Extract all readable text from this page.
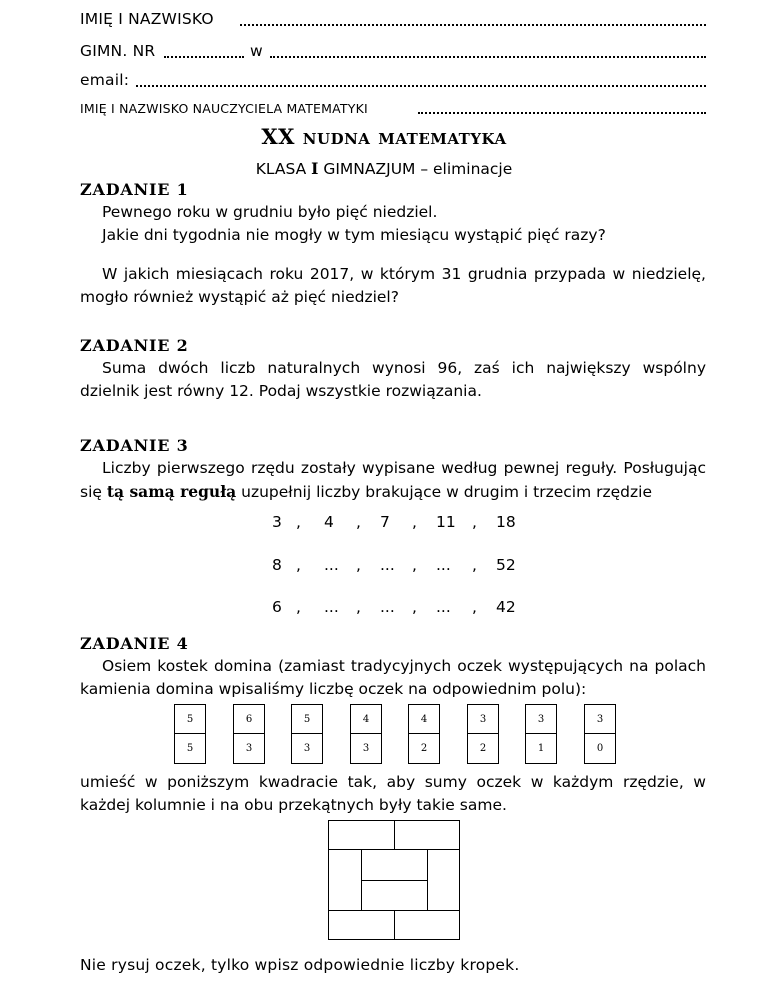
IMIĘ I NAZWISKO
GIMN. NR	w
email:
IMIĘ I NAZWISKO NAUCZYCIELA MATEMATYKI
XX nudna matematyka
KLASA I GIMNAZJUM – eliminacje
ZADANIE 1
Pewnego roku w grudniu było pięć niedziel.
Jakie dni tygodnia nie mogły w tym miesiącu wystąpić pięć razy?
W jakich miesiącach roku 2017, w którym 31 grudnia przypada w niedzielę, mogło również wystąpić aż pięć niedziel?
ZADANIE 2
Suma dwóch liczb naturalnych wynosi 96, zaś ich największy wspólny dzielnik jest równy 12. Podaj wszystkie rozwiązania.
ZADANIE 3
Liczby pierwszego rzędu zostały wypisane według pewnej reguły. Posługując się tą samą regułą uzupełnij liczby brakujące w drugim i trzecim rzędzie
3 , 4 , 7 , 11 , 18
8 , ... , ... , ... , 52
6 , ... , ... , ... , 42
ZADANIE 4
Osiem kostek domina (zamiast tradycyjnych oczek występujących na polach kamienia domina wpisaliśmy liczbę oczek na odpowiednim polu):
5
5
6
3
5
3
4
3
4
2
3
2
3
1
3
0
umieść w poniższym kwadracie tak, aby sumy oczek w każdym rzędzie, w każdej kolumnie i na obu przekątnych były takie same.
Nie rysuj oczek, tylko wpisz odpowiednie liczby kropek.
